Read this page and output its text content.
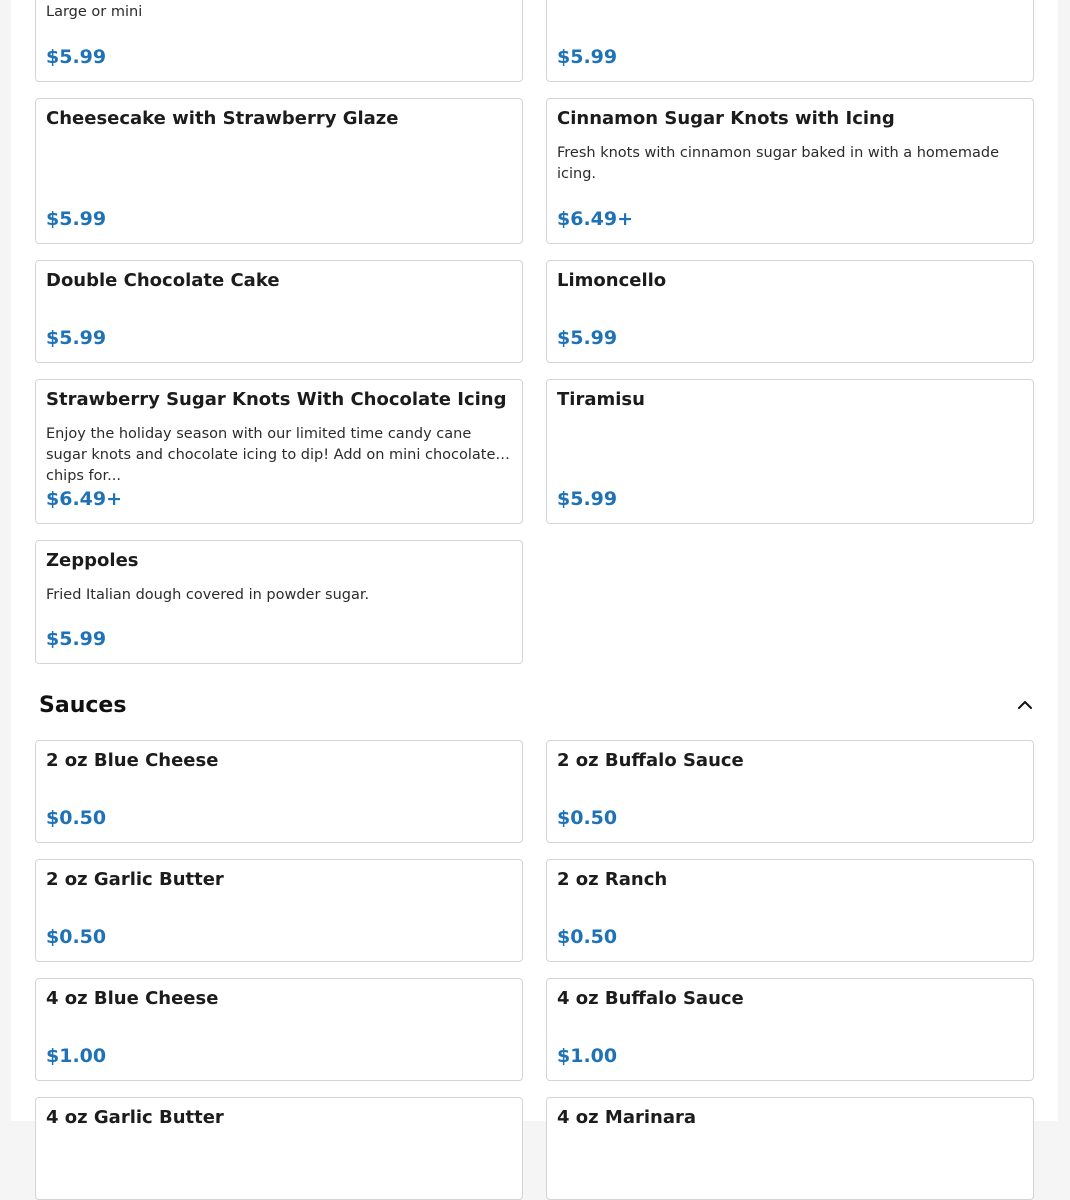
Large or mini
$5.99	$5.99
Cheesecake with Strawberry Glaze
$5.99
Cinnamon Sugar Knots with Icing
Fresh knots with cinnamon sugar baked in with a homemade icing.
$6.49+
Double Chocolate Cake
$5.99
Limoncello
$5.99
Strawberry Sugar Knots With Chocolate Icing
Enjoy the holiday season with our limited time candy cane sugar knots and chocolate icing to dip! Add on mini chocolate chips for...
$6.49+
Tiramisu
$5.99
Zeppoles
Fried Italian dough covered in powder sugar.
$5.99
Sauces
2 oz Blue Cheese
$0.50
2 oz Buffalo Sauce
$0.50
2 oz Garlic Butter
$0.50
2 oz Ranch
$0.50
4 oz Blue Cheese
$1.00
4 oz Buffalo Sauce
$1.00
4 oz Garlic Butter	4 oz Marinara
